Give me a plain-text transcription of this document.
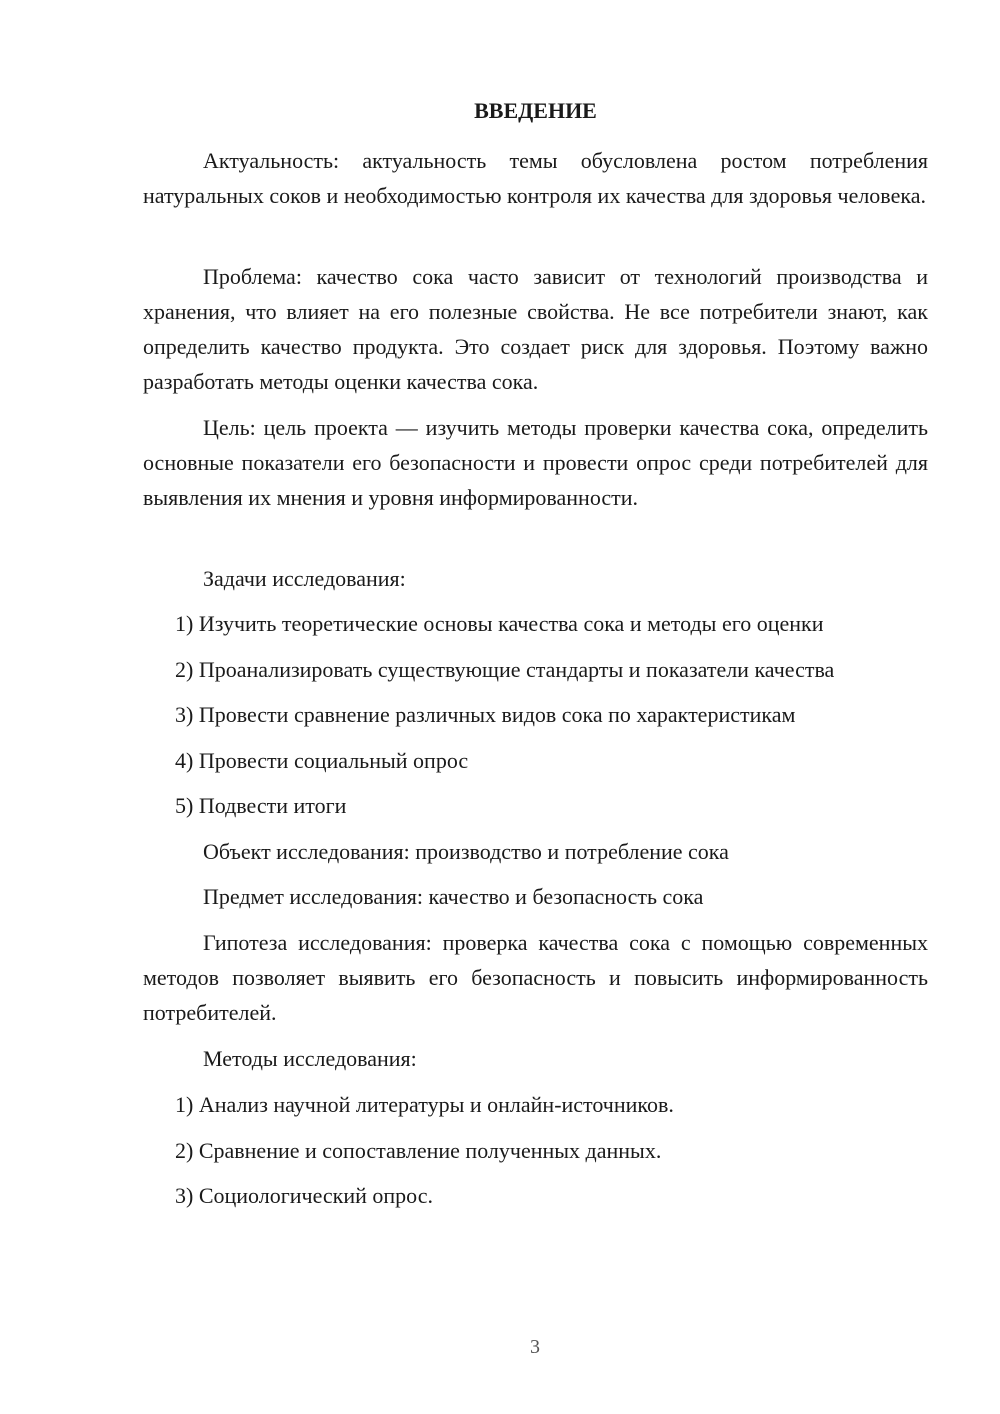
ВВЕДЕНИЕ

Актуальность: актуальность темы обусловлена ростом потребления натуральных соков и необходимостью контроля их качества для здоровья человека.

Проблема: качество сока часто зависит от технологий производства и хранения, что влияет на его полезные свойства. Не все потребители знают, как определить качество продукта. Это создает риск для здоровья. Поэтому важно разработать методы оценки качества сока.

Цель: цель проекта — изучить методы проверки качества сока, определить основные показатели его безопасности и провести опрос среди потребителей для выявления их мнения и уровня информированности.

Задачи исследования:

1) Изучить теоретические основы качества сока и методы его оценки

2) Проанализировать существующие стандарты и показатели качества

3) Провести сравнение различных видов сока по характеристикам

4) Провести социальный опрос

5) Подвести итоги

Объект исследования: производство и потребление сока

Предмет исследования: качество и безопасность сока

Гипотеза исследования: проверка качества сока с помощью современных методов позволяет выявить его безопасность и повысить информированность потребителей.

Методы исследования:

1) Анализ научной литературы и онлайн-источников.

2) Сравнение и сопоставление полученных данных.

3) Социологический опрос.

3
